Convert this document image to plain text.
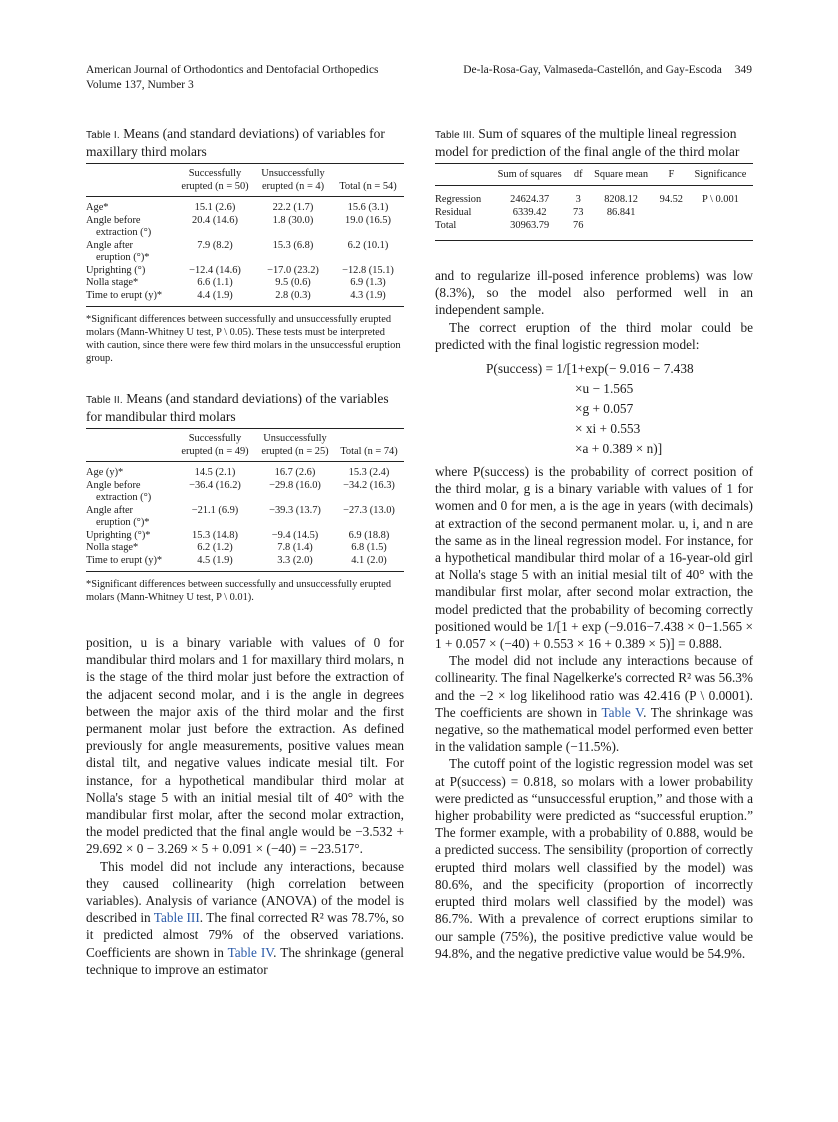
American Journal of Orthodontics and Dentofacial Orthopedics
Volume 137, Number 3
De-la-Rosa-Gay, Valmaseda-Castellón, and Gay-Escoda 349
Table I. Means (and standard deviations) of variables for maxillary third molars
	Successfully erupted (n = 50)	Unsuccessfully erupted (n = 4)	Total (n = 54)
Age*	15.1 (2.6)	22.2 (1.7)	15.6 (3.1)
Angle before
extraction (°)	20.4 (14.6)	1.8 (30.0)	19.0 (16.5)
Angle after
eruption (°)*	7.9 (8.2)	15.3 (6.8)	6.2 (10.1)
Uprighting (°)	−12.4 (14.6)	−17.0 (23.2)	−12.8 (15.1)
Nolla stage*	6.6 (1.1)	9.5 (0.6)	6.9 (1.3)
Time to erupt (y)*	4.4 (1.9)	2.8 (0.3)	4.3 (1.9)
*Significant differences between successfully and unsuccessfully erupted molars (Mann-Whitney U test, P \ 0.05). These tests must be interpreted with caution, since there were few third molars in the unsuccessful eruption group.
Table II. Means (and standard deviations) of the variables for mandibular third molars
	Successfully erupted (n = 49)	Unsuccessfully erupted (n = 25)	Total (n = 74)
Age (y)*	14.5 (2.1)	16.7 (2.6)	15.3 (2.4)
Angle before
extraction (°)	−36.4 (16.2)	−29.8 (16.0)	−34.2 (16.3)
Angle after
eruption (°)*	−21.1 (6.9)	−39.3 (13.7)	−27.3 (13.0)
Uprighting (°)*	15.3 (14.8)	−9.4 (14.5)	6.9 (18.8)
Nolla stage*	6.2 (1.2)	7.8 (1.4)	6.8 (1.5)
Time to erupt (y)*	4.5 (1.9)	3.3 (2.0)	4.1 (2.0)
*Significant differences between successfully and unsuccessfully erupted molars (Mann-Whitney U test, P \ 0.01).

position, u is a binary variable with values of 0 for mandibular third molars and 1 for maxillary third molars, n is the stage of the third molar just before the extraction of the adjacent second molar, and i is the angle in degrees between the major axis of the third molar and the first permanent molar just before the extraction. As defined previously for angle measurements, positive values mean distal tilt, and negative values indicate mesial tilt. For instance, for a hypothetical mandibular third molar at Nolla's stage 5 with an initial mesial tilt of 40° with the mandibular first molar, after the second molar extraction, the model predicted that the final angle would be −3.532 + 29.692 × 0 − 3.269 × 5 + 0.091 × (−40) = −23.517°.

This model did not include any interactions, because they caused collinearity (high correlation between variables). Analysis of variance (ANOVA) of the model is described in Table III. The final corrected R² was 78.7%, so it predicted almost 79% of the observed variations. Coefficients are shown in Table IV. The shrinkage (general technique to improve an estimator

Table III. Sum of squares of the multiple lineal regression model for prediction of the final angle of the third molar
	Sum of squares	df	Square mean	F	Significance
Regression	24624.37	3	8208.12	94.52	P \ 0.001
Residual	6339.42	73	86.841		
Total	30963.79	76			

and to regularize ill-posed inference problems) was low (8.3%), so the model also performed well in an independent sample.

The correct eruption of the third molar could be predicted with the final logistic regression model:

P(success) = 1/[1+exp(− 9.016 − 7.438
×u − 1.565
×g + 0.057
× xi + 0.553
×a + 0.389 × n)]

where P(success) is the probability of correct position of the third molar, g is a binary variable with values of 1 for women and 0 for men, a is the age in years (with decimals) at extraction of the second permanent molar. u, i, and n are the same as in the lineal regression model. For instance, for a hypothetical mandibular third molar of a 16-year-old girl at Nolla's stage 5 with an initial mesial tilt of 40° with the mandibular first molar, after second molar extraction, the model predicted that the probability of becoming correctly positioned would be 1/[1 + exp (−9.016−7.438 × 0−1.565 × 1 + 0.057 × (−40) + 0.553 × 16 + 0.389 × 5)] = 0.888.

The model did not include any interactions because of collinearity. The final Nagelkerke's corrected R² was 56.3% and the −2 × log likelihood ratio was 42.416 (P \ 0.0001). The coefficients are shown in Table V. The shrinkage was negative, so the mathematical model performed even better in the validation sample (−11.5%).

The cutoff point of the logistic regression model was set at P(success) = 0.818, so molars with a lower probability were predicted as “unsuccessful eruption,” and those with a higher probability were predicted as “successful eruption.” The former example, with a probability of 0.888, would be a predicted success. The sensibility (proportion of correctly erupted third molars well classified by the model) was 80.6%, and the specificity (proportion of incorrectly erupted third molars well classified by the model) was 86.7%. With a prevalence of correct eruptions similar to our sample (75%), the positive predictive value would be 94.8%, and the negative predictive value would be 54.9%.
